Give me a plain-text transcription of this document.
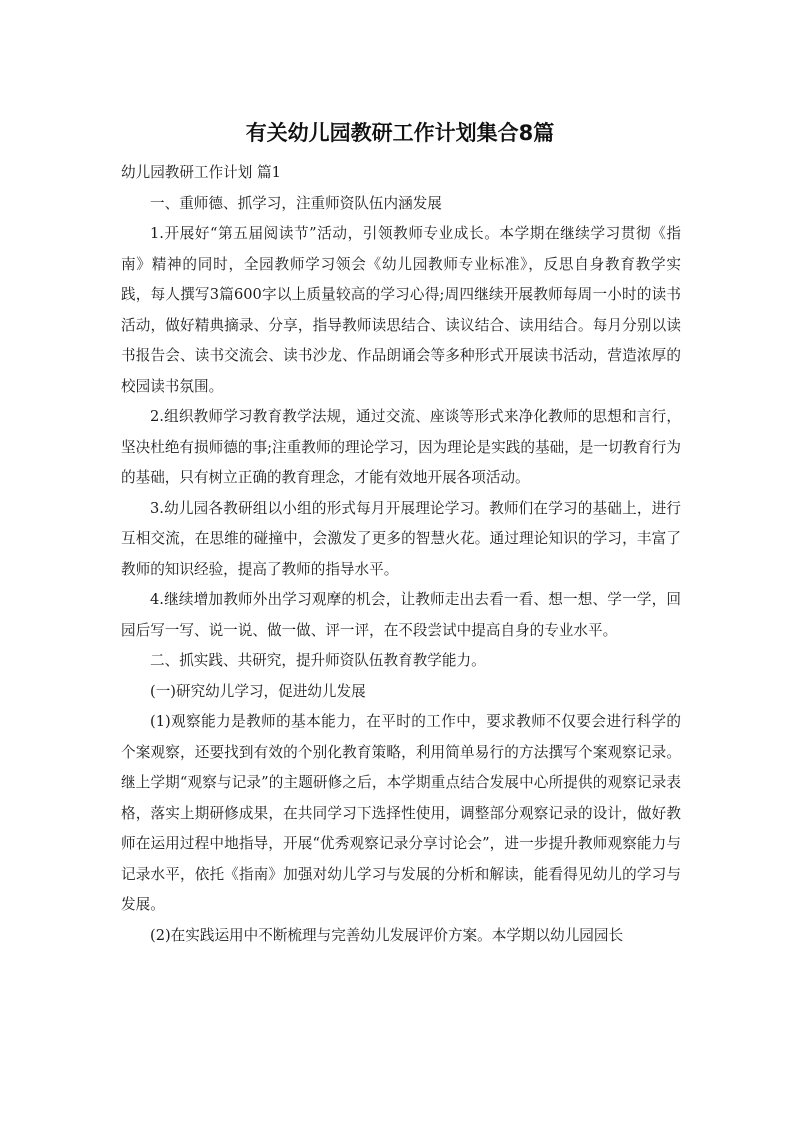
有关幼儿园教研工作计划集合8篇

幼儿园教研工作计划 篇1

一、重师德、抓学习，注重师资队伍内涵发展

1.开展好“第五届阅读节”活动，引领教师专业成长。本学期在继续学习贯彻《指南》精神的同时，全园教师学习领会《幼儿园教师专业标准》，反思自身教育教学实践，每人撰写3篇600字以上质量较高的学习心得;周四继续开展教师每周一小时的读书活动，做好精典摘录、分享，指导教师读思结合、读议结合、读用结合。每月分别以读书报告会、读书交流会、读书沙龙、作品朗诵会等多种形式开展读书活动，营造浓厚的校园读书氛围。

2.组织教师学习教育教学法规，通过交流、座谈等形式来净化教师的思想和言行，坚决杜绝有损师德的事;注重教师的理论学习，因为理论是实践的基础，是一切教育行为的基础，只有树立正确的教育理念，才能有效地开展各项活动。

3.幼儿园各教研组以小组的形式每月开展理论学习。教师们在学习的基础上，进行互相交流，在思维的碰撞中，会激发了更多的智慧火花。通过理论知识的学习，丰富了教师的知识经验，提高了教师的指导水平。

4.继续增加教师外出学习观摩的机会，让教师走出去看一看、想一想、学一学，回园后写一写、说一说、做一做、评一评，在不段尝试中提高自身的专业水平。

二、抓实践、共研究，提升师资队伍教育教学能力。

(一)研究幼儿学习，促进幼儿发展

(1)观察能力是教师的基本能力，在平时的工作中，要求教师不仅要会进行科学的个案观察，还要找到有效的个别化教育策略，利用简单易行的方法撰写个案观察记录。继上学期“观察与记录”的主题研修之后，本学期重点结合发展中心所提供的观察记录表格，落实上期研修成果，在共同学习下选择性使用，调整部分观察记录的设计，做好教师在运用过程中地指导，开展“优秀观察记录分享讨论会”，进一步提升教师观察能力与记录水平，依托《指南》加强对幼儿学习与发展的分析和解读，能看得见幼儿的学习与发展。

(2)在实践运用中不断梳理与完善幼儿发展评价方案。本学期以幼儿园园长
